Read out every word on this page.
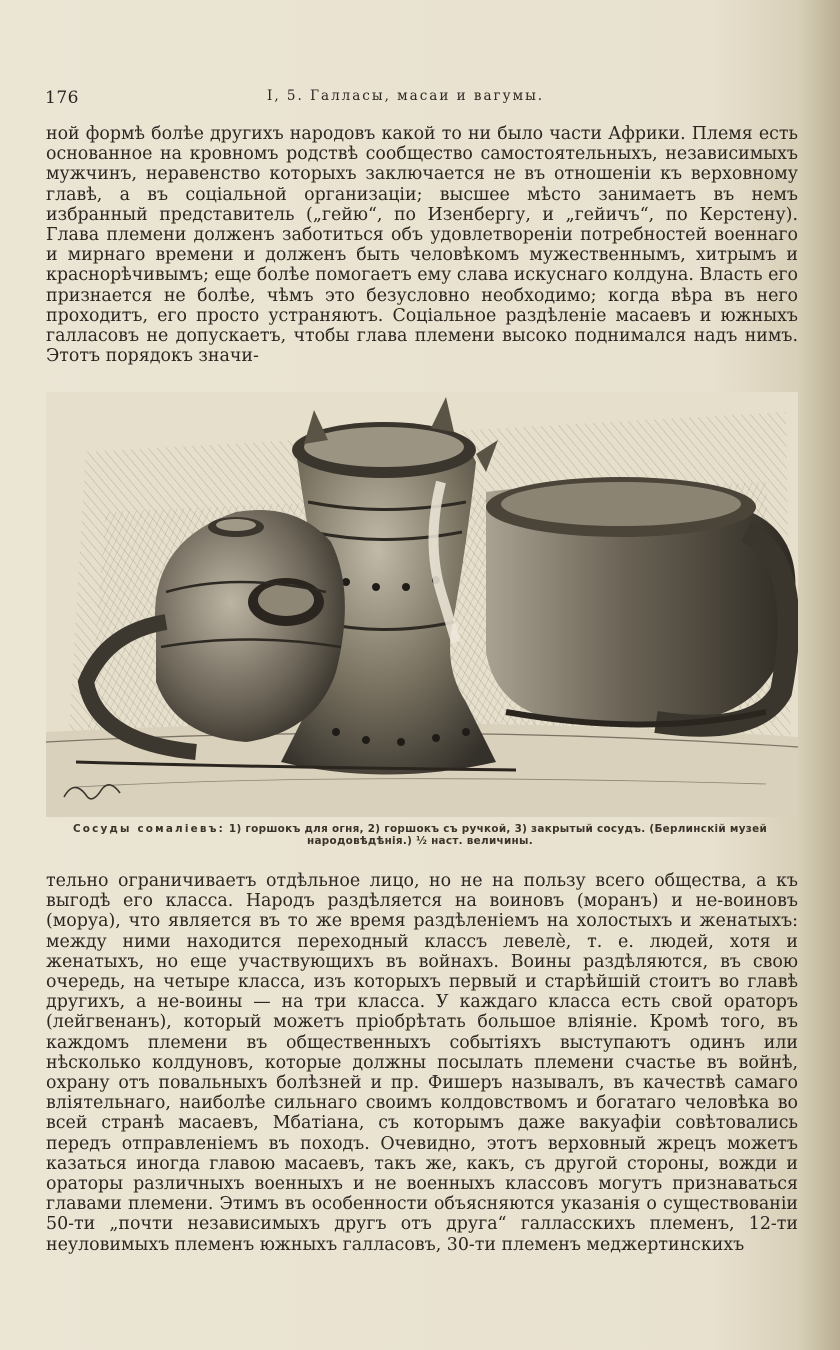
176	I, 5. Галласы, масаи и вагумы.

ной формѣ болѣе другихъ народовъ какой то ни было части Африки. Племя есть основанное на кровномъ родствѣ сообщество самостоятельныхъ, независимыхъ мужчинъ, неравенство которыхъ заключается не въ отношеніи къ верховному главѣ, а въ соціальной организаціи; высшее мѣсто занимаетъ въ немъ избранный представитель („гейю“, по Изенбергу, и „гейичъ“, по Керстену). Глава племени долженъ заботиться объ удовлетвореніи потребностей военнаго и мирнаго времени и долженъ быть человѣкомъ мужественнымъ, хитрымъ и краснорѣчивымъ; еще болѣе помогаетъ ему слава искуснаго колдуна. Власть его признается не болѣе, чѣмъ это безусловно необходимо; когда вѣра въ него проходитъ, его просто устраняютъ. Соціальное раздѣленіе масаевъ и южныхъ галласовъ не допускаетъ, чтобы глава племени высоко поднимался надъ нимъ. Этотъ порядокъ значи-

Сосуды сомаліевъ: 1) горшокъ для огня, 2) горшокъ съ ручкой, 3) закрытый сосудъ. (Берлинскій музей народовѣдѣнія.) ½ наст. величины.

тельно ограничиваетъ отдѣльное лицо, но не на пользу всего общества, а къ выгодѣ его класса. Народъ раздѣляется на воиновъ (моранъ) и не-воиновъ (моруа), что является въ то же время раздѣленіемъ на холостыхъ и женатыхъ: между ними находится переходный классъ левелè, т. е. людей, хотя и женатыхъ, но еще участвующихъ въ войнахъ. Воины раздѣляются, въ свою очередь, на четыре класса, изъ которыхъ первый и старѣйшій стоитъ во главѣ другихъ, а не-воины — на три класса. У каждаго класса есть свой ораторъ (лейгвенанъ), который можетъ пріобрѣтать большое вліяніе. Кромѣ того, въ каждомъ племени въ общественныхъ событіяхъ выступаютъ одинъ или нѣсколько колдуновъ, которые должны посылать племени счастье въ войнѣ, охрану отъ повальныхъ болѣзней и пр. Фишеръ называлъ, въ качествѣ самаго вліятельнаго, наиболѣе сильнаго своимъ колдовствомъ и богатаго человѣка во всей странѣ масаевъ, Мбатіана, съ которымъ даже вакуафіи совѣтовались передъ отправленіемъ въ походъ. Очевидно, этотъ верховный жрецъ можетъ казаться иногда главою масаевъ, такъ же, какъ, съ другой стороны, вожди и ораторы различныхъ военныхъ и не военныхъ классовъ могутъ признаваться главами племени. Этимъ въ особенности объясняются указанія о существованіи 50-ти „почти независимыхъ другъ отъ друга“ галласскихъ племенъ, 12-ти неуловимыхъ племенъ южныхъ галласовъ, 30-ти племенъ меджертинскихъ
